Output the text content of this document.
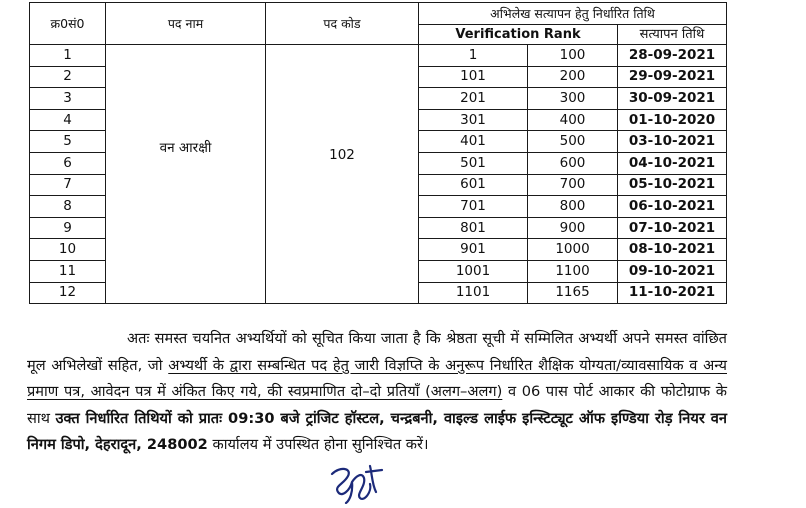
क्र0सं0	पद नाम	पद कोड	अभिलेख सत्यापन हेतु निर्धारित तिथि		
			Verification Rank		सत्यापन तिथि
1	वन आरक्षी	102	1	100	28-09-2021
2			101	200	29-09-2021
3			201	300	30-09-2021
4			301	400	01-10-2020
5			401	500	03-10-2021
6			501	600	04-10-2021
7			601	700	05-10-2021
8			701	800	06-10-2021
9			801	900	07-10-2021
10			901	1000	08-10-2021
11			1001	1100	09-10-2021
12			1101	1165	11-10-2021

अतः समस्त चयनित अभ्यर्थियों को सूचित किया जाता है कि श्रेष्ठता सूची में सम्मिलित अभ्यर्थी अपने समस्त वांछित मूल अभिलेखों सहित, जो अभ्यर्थी के द्वारा सम्बन्धित पद हेतु जारी विज्ञप्ति के अनुरूप निर्धारित शैक्षिक योग्यता/व्यावसायिक व अन्य प्रमाण पत्र, आवेदन पत्र में अंकित किए गये, की स्वप्रमाणित दो–दो प्रतियाँ (अलग–अलग) व 06 पास पोर्ट आकार की फोटोग्राफ के साथ उक्त निर्धारित तिथियों को प्रातः 09:30 बजे ट्रांजिट हॉस्टल, चन्द्रबनी, वाइल्ड लाईफ इन्स्टिट्यूट ऑफ इण्डिया रोड़ नियर वन निगम डिपो, देहरादून, 248002 कार्यालय में उपस्थित होना सुनिश्चित करें।
